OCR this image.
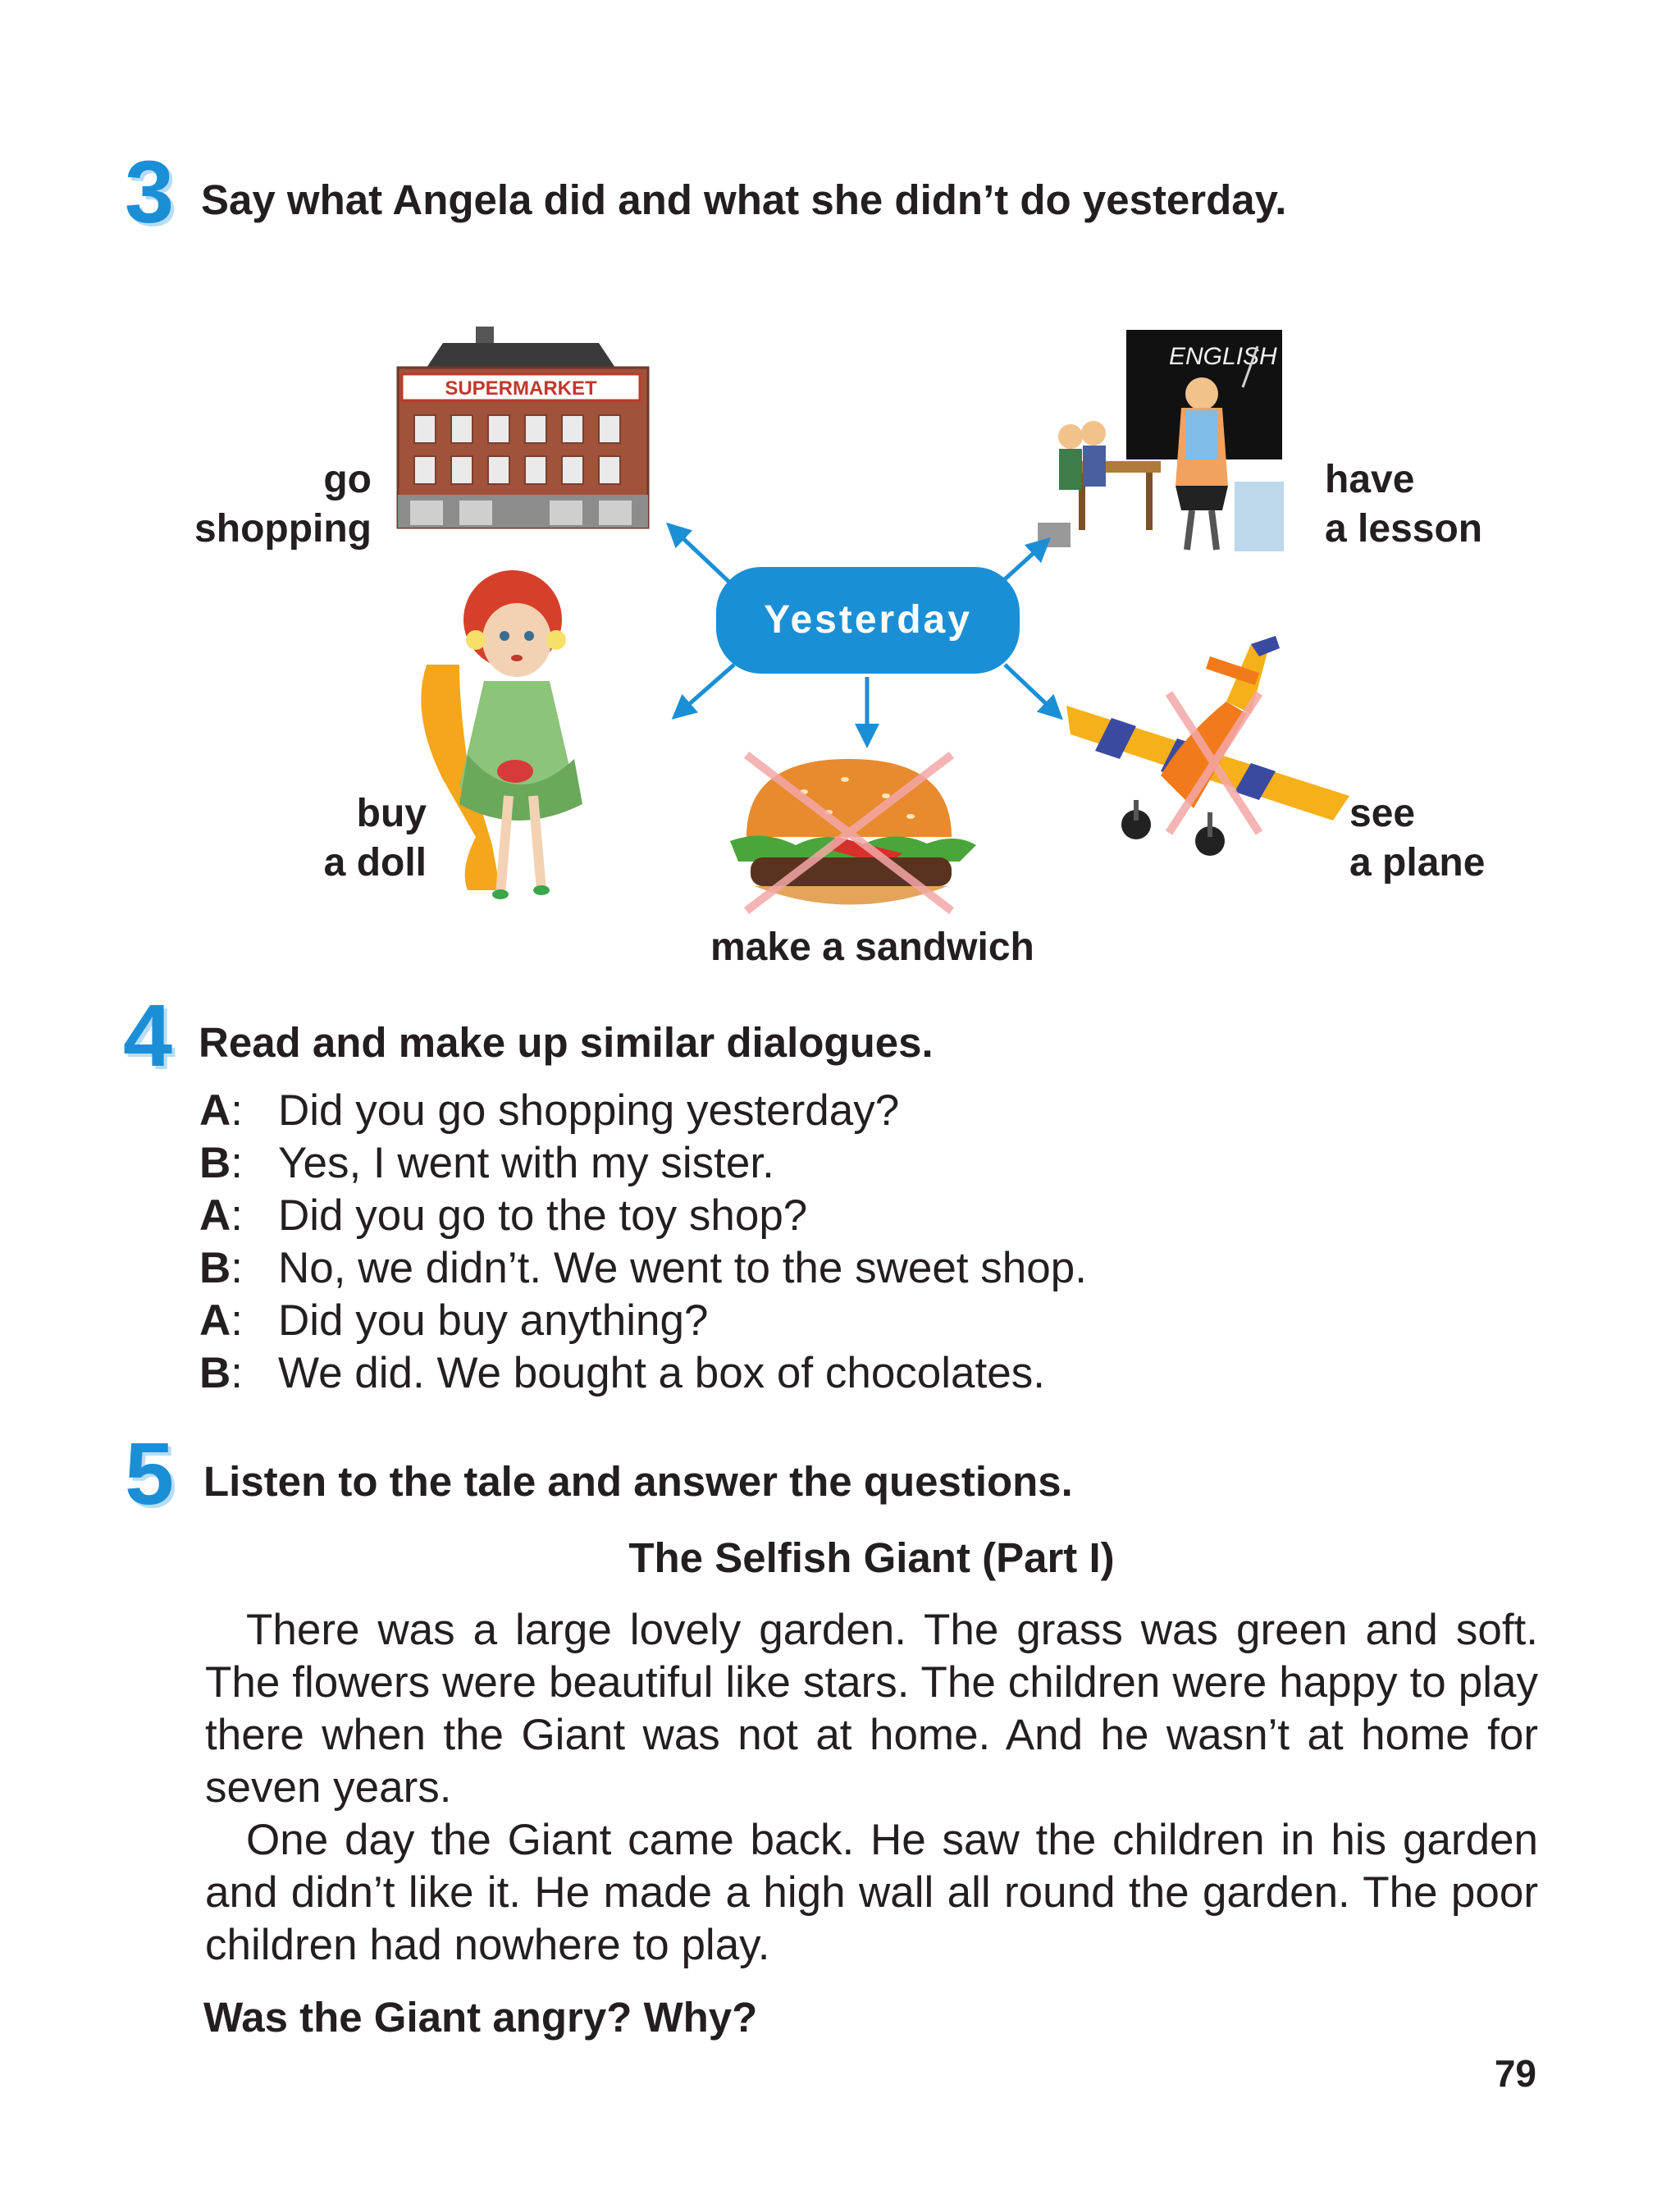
3 Say what Angela did and what she didn’t do yesterday.
SUPERMARKET
go
shopping
ENGLISH
have
a lesson
Yesterday
buy
a doll
make a sandwich
see
a plane
4 Read and make up similar dialogues.
A: Did you go shopping yesterday?
B: Yes, I went with my sister.
A: Did you go to the toy shop?
B: No, we didn’t. We went to the sweet shop.
A: Did you buy anything?
B: We did. We bought a box of chocolates.
5 Listen to the tale and answer the questions.
The Selfish Giant (Part I)

There was a large lovely garden. The grass was green and soft. The flowers were beautiful like stars. The children were happy to play there when the Giant was not at home. And he wasn’t at home for seven years.

One day the Giant came back. He saw the children in his garden and didn’t like it. He made a high wall all round the garden. The poor children had nowhere to play.

Was the Giant angry? Why?
79
